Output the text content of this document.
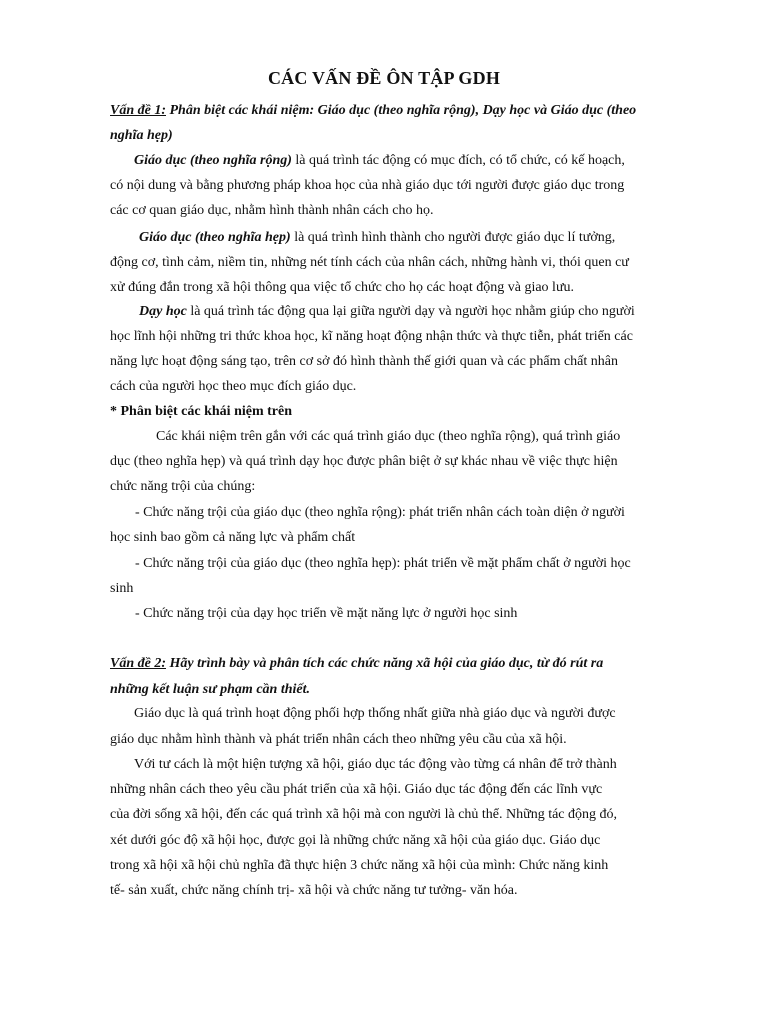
CÁC VẤN ĐỀ ÔN TẬP GDH
Vấn đề 1: Phân biệt các khái niệm: Giáo dục (theo nghĩa rộng), Dạy học và Giáo dục (theo
nghĩa hẹp)
Giáo dục (theo nghĩa rộng) là quá trình tác động có mục đích, có tổ chức, có kế hoạch,
có nội dung và bằng phương pháp khoa học của nhà giáo dục tới người được giáo dục trong
các cơ quan giáo dục, nhằm hình thành nhân cách cho họ.
Giáo dục (theo nghĩa hẹp) là quá trình hình thành cho người được giáo dục lí tưởng,
động cơ, tình cảm, niềm tin, những nét tính cách của nhân cách, những hành vi, thói quen cư
xử đúng đắn trong xã hội thông qua việc tổ chức cho họ các hoạt động và giao lưu.
Dạy học là quá trình tác động qua lại giữa người dạy và người học nhằm giúp cho người
học lĩnh hội những tri thức khoa học, kĩ năng hoạt động nhận thức và thực tiễn, phát triển các
năng lực hoạt động sáng tạo, trên cơ sở đó hình thành thế giới quan và các phẩm chất nhân
cách của người học theo mục đích giáo dục.
* Phân biệt các khái niệm trên
Các khái niệm trên gắn với các quá trình giáo dục (theo nghĩa rộng), quá trình giáo
dục (theo nghĩa hẹp) và quá trình dạy học được phân biệt ở sự khác nhau về việc thực hiện
chức năng trội của chúng:
- Chức năng trội của giáo dục (theo nghĩa rộng): phát triển nhân cách toàn diện ở người
học sinh bao gồm cả năng lực và phẩm chất
- Chức năng trội của giáo dục (theo nghĩa hẹp): phát triển về mặt phẩm chất ở người học
sinh
- Chức năng trội của dạy học triển về mặt năng lực ở người học sinh
Vấn đề 2: Hãy trình bày và phân tích các chức năng xã hội của giáo dục, từ đó rút ra
những kết luận sư phạm cần thiết.
Giáo dục là quá trình hoạt động phối hợp thống nhất giữa nhà giáo dục và người được
giáo dục nhằm hình thành và phát triển nhân cách theo những yêu cầu của xã hội.
Với tư cách là một hiện tượng xã hội, giáo dục tác động vào từng cá nhân để trở thành
những nhân cách theo yêu cầu phát triển của xã hội. Giáo dục tác động đến các lĩnh vực
của đời sống xã hội, đến các quá trình xã hội mà con người là chủ thể. Những tác động đó,
xét dưới góc độ xã hội học, được gọi là những chức năng xã hội của giáo dục. Giáo dục
trong xã hội xã hội chủ nghĩa đã thực hiện 3 chức năng xã hội của mình: Chức năng kinh
tế- sản xuất, chức năng chính trị- xã hội và chức năng tư tưởng- văn hóa.
